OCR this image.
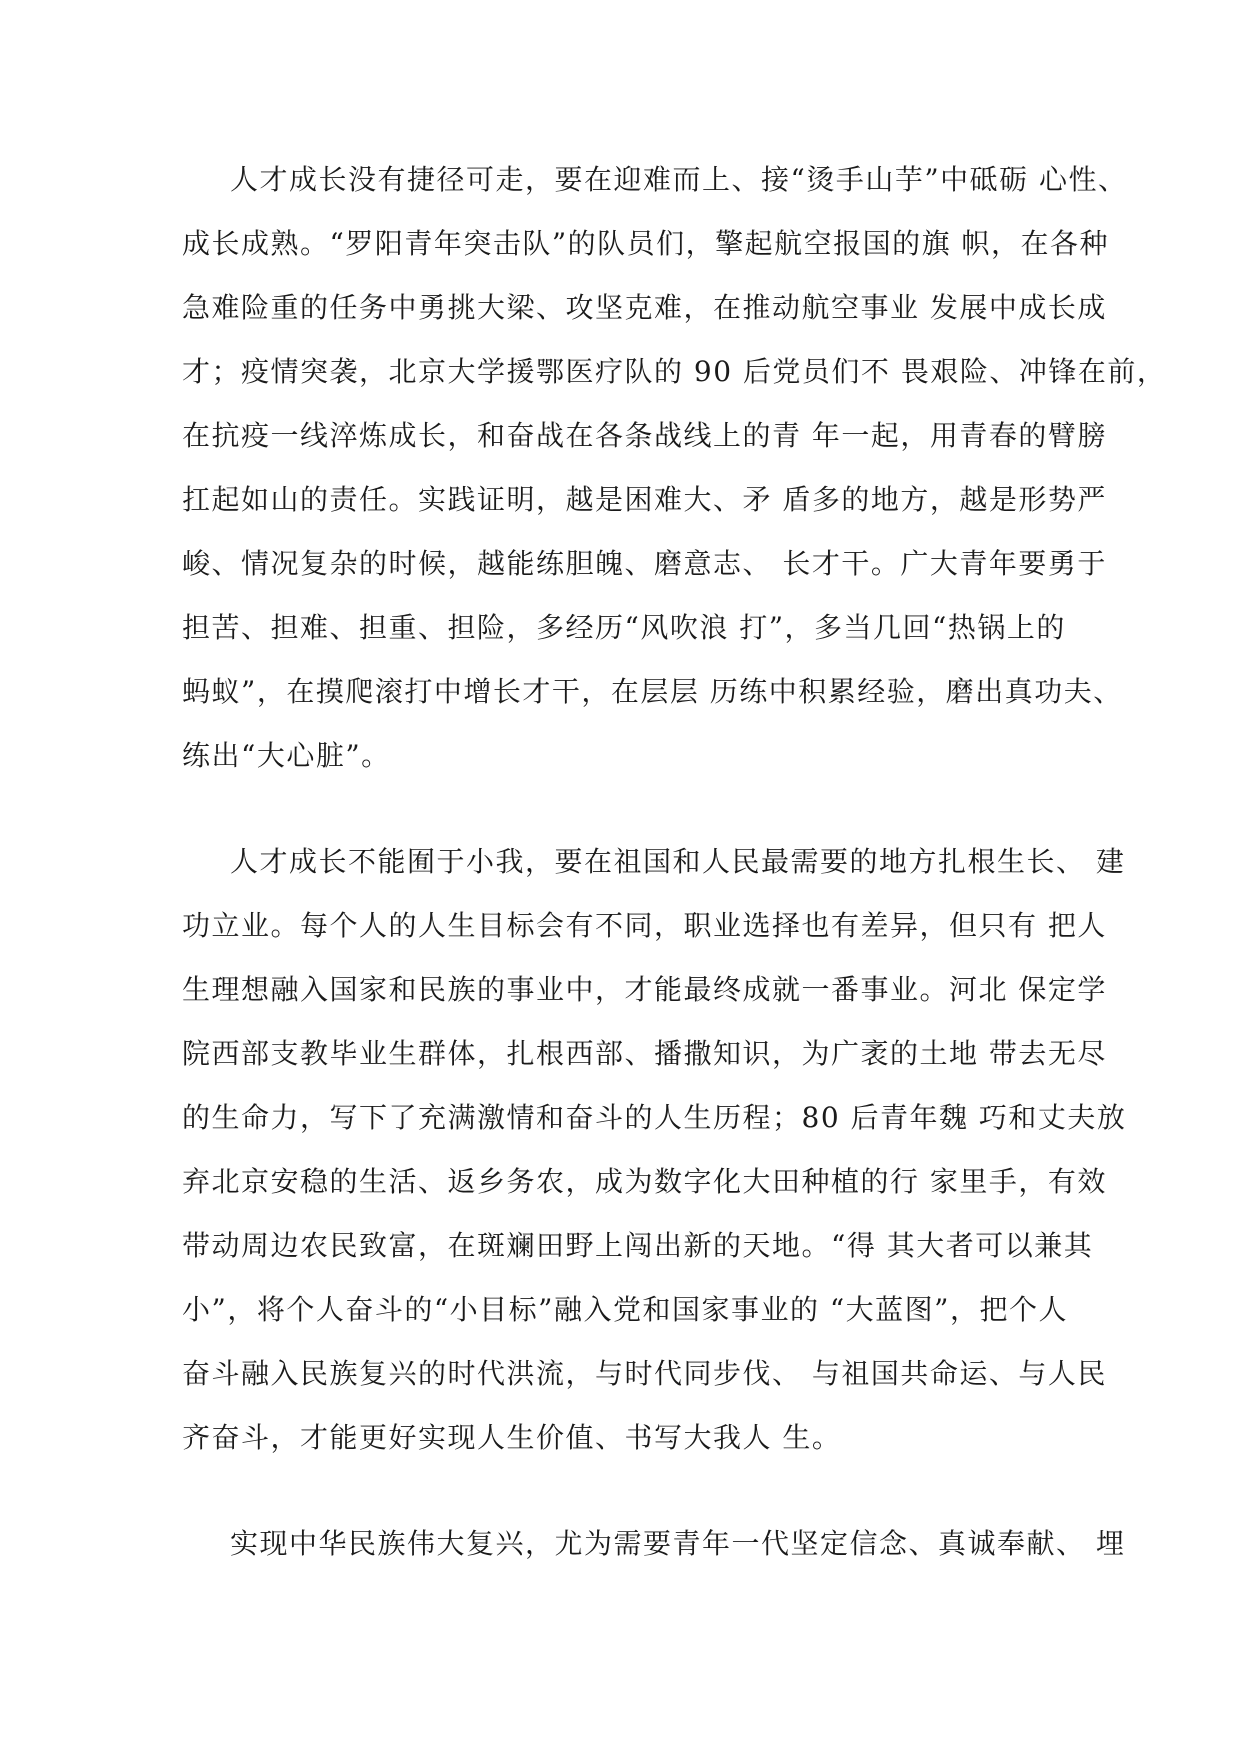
人才成长没有捷径可走，要在迎难而上、接“烫手山芋”中砥砺 心性、
成长成熟。“罗阳青年突击队”的队员们，擎起航空报国的旗 帜，在各种
急难险重的任务中勇挑大梁、攻坚克难，在推动航空事业 发展中成长成
才；疫情突袭，北京大学援鄂医疗队的 90 后党员们不 畏艰险、冲锋在前，
在抗疫一线淬炼成长，和奋战在各条战线上的青 年一起，用青春的臂膀
扛起如山的责任。实践证明，越是困难大、矛 盾多的地方，越是形势严
峻、情况复杂的时候，越能练胆魄、磨意志、 长才干。广大青年要勇于
担苦、担难、担重、担险，多经历“风吹浪 打”，多当几回“热锅上的
蚂蚁”，在摸爬滚打中增长才干，在层层 历练中积累经验，磨出真功夫、
练出“大心脏”。
人才成长不能囿于小我，要在祖国和人民最需要的地方扎根生长、 建
功立业。每个人的人生目标会有不同，职业选择也有差异，但只有 把人
生理想融入国家和民族的事业中，才能最终成就一番事业。河北 保定学
院西部支教毕业生群体，扎根西部、播撒知识，为广袤的土地 带去无尽
的生命力，写下了充满激情和奋斗的人生历程；80 后青年魏 巧和丈夫放
弃北京安稳的生活、返乡务农，成为数字化大田种植的行 家里手，有效
带动周边农民致富，在斑斓田野上闯出新的天地。“得 其大者可以兼其
小”，将个人奋斗的“小目标”融入党和国家事业的 “大蓝图”，把个人
奋斗融入民族复兴的时代洪流，与时代同步伐、 与祖国共命运、与人民
齐奋斗，才能更好实现人生价值、书写大我人 生。
实现中华民族伟大复兴，尤为需要青年一代坚定信念、真诚奉献、 埋
